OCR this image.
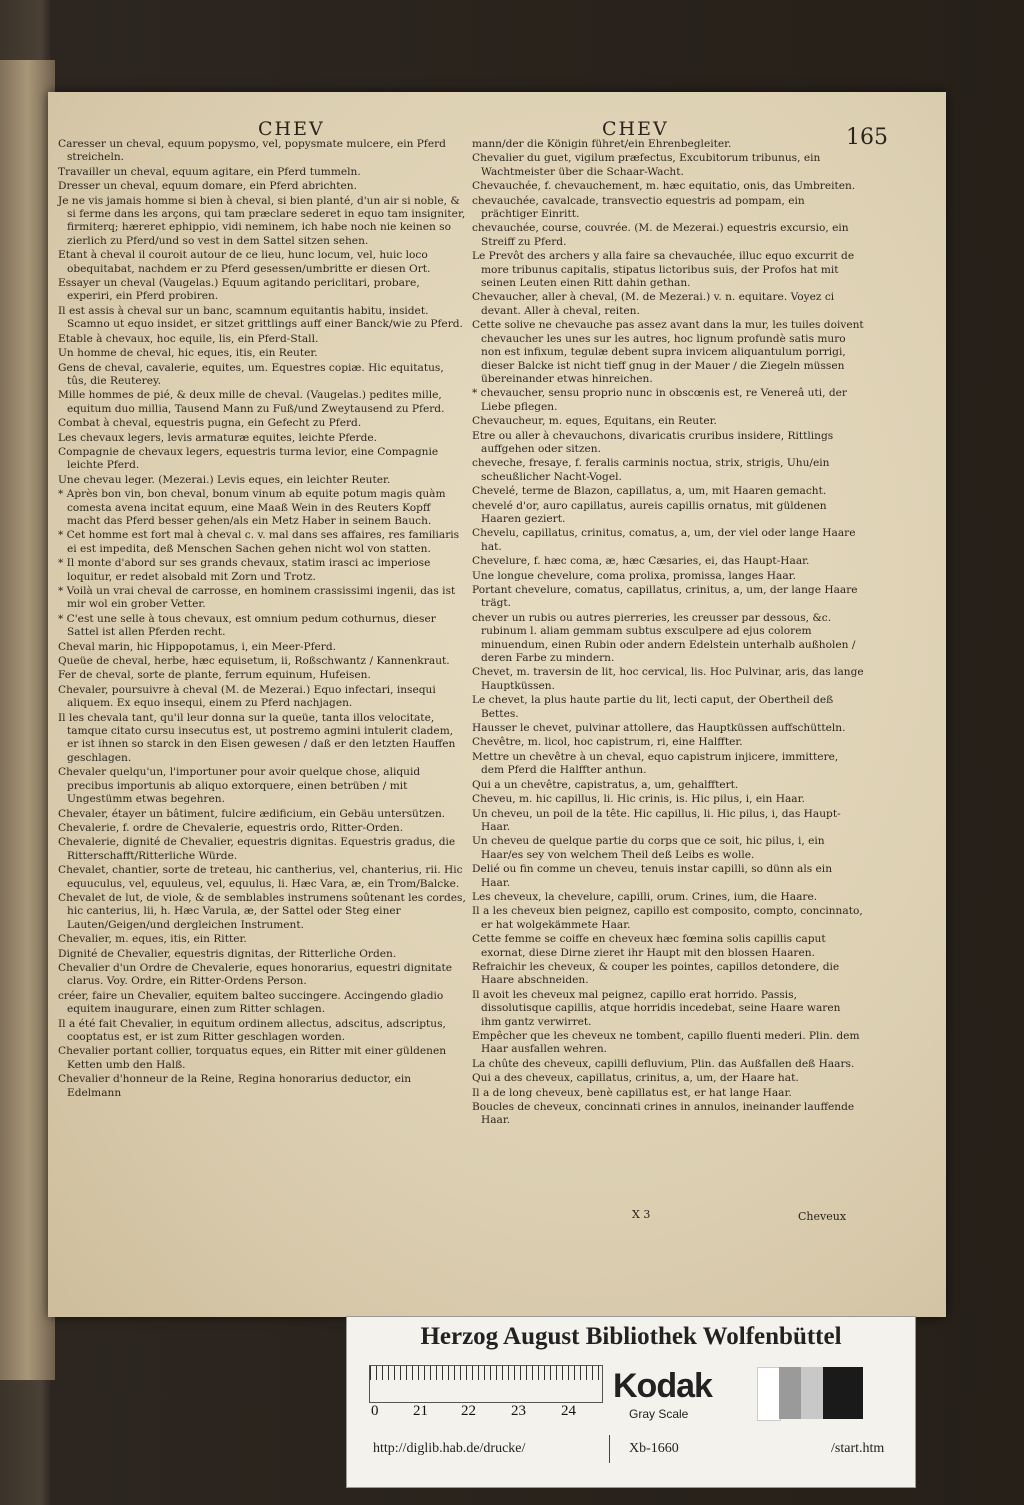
CHEV	CHEV	165

Caresser un cheval, equum popysmo, vel, popysmate mulcere, ein Pferd streicheln.

Travailler un cheval, equum agitare, ein Pferd tummeln.

Dresser un cheval, equum domare, ein Pferd abrichten.

Je ne vis jamais homme si bien à cheval, si bien planté, d'un air si noble, & si ferme dans les arçons, qui tam præclare sederet in equo tam insigniter, firmiterq; hæreret ephippio, vidi neminem, ich habe noch nie keinen so zierlich zu Pferd/und so vest in dem Sattel sitzen sehen.

Etant à cheval il couroit autour de ce lieu, hunc locum, vel, huic loco obequitabat, nachdem er zu Pferd gesessen/umbritte er diesen Ort.

Essayer un cheval (Vaugelas.) Equum agitando periclitari, probare, experiri, ein Pferd probiren.

Il est assis à cheval sur un banc, scamnum equitantis habitu, insidet. Scamno ut equo insidet, er sitzet grittlings auff einer Banck/wie zu Pferd.

Etable à chevaux, hoc equile, lis, ein Pferd-Stall.

Un homme de cheval, hic eques, itis, ein Reuter.

Gens de cheval, cavalerie, equites, um. Equestres copiæ. Hic equitatus, tûs, die Reuterey.

Mille hommes de pié, & deux mille de cheval. (Vaugelas.) pedites mille, equitum duo millia, Tausend Mann zu Fuß/und Zweytausend zu Pferd.

Combat à cheval, equestris pugna, ein Gefecht zu Pferd.

Les chevaux legers, levis armaturæ equites, leichte Pferde.

Compagnie de chevaux legers, equestris turma levior, eine Compagnie leichte Pferd.

Une chevau leger. (Mezerai.) Levis eques, ein leichter Reuter.

* Après bon vin, bon cheval, bonum vinum ab equite potum magis quàm comesta avena incitat equum, eine Maaß Wein in des Reuters Kopff macht das Pferd besser gehen/als ein Metz Haber in seinem Bauch.

* Cet homme est fort mal à cheval c. v. mal dans ses affaires, res familiaris ei est impedita, deß Menschen Sachen gehen nicht wol von statten.

* Il monte d'abord sur ses grands chevaux, statim irasci ac imperiose loquitur, er redet alsobald mit Zorn und Trotz.

* Voilà un vrai cheval de carrosse, en hominem crassissimi ingenii, das ist mir wol ein grober Vetter.

* C'est une selle à tous chevaux, est omnium pedum cothurnus, dieser Sattel ist allen Pferden recht.

Cheval marin, hic Hippopotamus, i, ein Meer-Pferd.

Queüe de cheval, herbe, hæc equisetum, ii, Roßschwantz / Kannenkraut.

Fer de cheval, sorte de plante, ferrum equinum, Hufeisen.

Chevaler, poursuivre à cheval (M. de Mezerai.) Equo infectari, insequi aliquem. Ex equo insequi, einem zu Pferd nachjagen.

Il les chevala tant, qu'il leur donna sur la queüe, tanta illos velocitate, tamque citato cursu insecutus est, ut postremo agmini intulerit cladem, er ist ihnen so starck in den Eisen gewesen / daß er den letzten Hauffen geschlagen.

Chevaler quelqu'un, l'importuner pour avoir quelque chose, aliquid precibus importunis ab aliquo extorquere, einen betrüben / mit Ungestümm etwas begehren.

Chevaler, étayer un bâtiment, fulcire ædificium, ein Gebäu untersützen.

Chevalerie, f. ordre de Chevalerie, equestris ordo, Ritter-Orden.

Chevalerie, dignité de Chevalier, equestris dignitas. Equestris gradus, die Ritterschafft/Ritterliche Würde.

Chevalet, chantier, sorte de treteau, hic cantherius, vel, chanterius, rii. Hic equuculus, vel, equuleus, vel, equulus, li. Hæc Vara, æ, ein Trom/Balcke.

Chevalet de lut, de viole, & de semblables instrumens soûtenant les cordes, hic canterius, lii, h. Hæc Varula, æ, der Sattel oder Steg einer Lauten/Geigen/und dergleichen Instrument.

Chevalier, m. eques, itis, ein Ritter.

Dignité de Chevalier, equestris dignitas, der Ritterliche Orden.

Chevalier d'un Ordre de Chevalerie, eques honorarius, equestri dignitate clarus. Voy. Ordre, ein Ritter-Ordens Person.

créer, faire un Chevalier, equitem balteo succingere. Accingendo gladio equitem inaugurare, einen zum Ritter schlagen.

Il a été fait Chevalier, in equitum ordinem allectus, adscitus, adscriptus, cooptatus est, er ist zum Ritter geschlagen worden.

Chevalier portant collier, torquatus eques, ein Ritter mit einer güldenen Ketten umb den Halß.

Chevalier d'honneur de la Reine, Regina honorarius deductor, ein Edelmann

mann/der die Königin führet/ein Ehrenbegleiter.

Chevalier du guet, vigilum præfectus, Excubitorum tribunus, ein Wachtmeister über die Schaar-Wacht.

Chevauchée, f. chevauchement, m. hæc equitatio, onis, das Umbreiten.

chevauchée, cavalcade, transvectio equestris ad pompam, ein prächtiger Einritt.

chevauchée, course, couvrée. (M. de Mezerai.) equestris excursio, ein Streiff zu Pferd.

Le Prevôt des archers y alla faire sa chevauchée, illuc equo excurrit de more tribunus capitalis, stipatus lictoribus suis, der Profos hat mit seinen Leuten einen Ritt dahin gethan.

Chevaucher, aller à cheval, (M. de Mezerai.) v. n. equitare. Voyez ci devant. Aller à cheval, reiten.

Cette solive ne chevauche pas assez avant dans la mur, les tuiles doivent chevaucher les unes sur les autres, hoc lignum profundè satis muro non est infixum, tegulæ debent supra invicem aliquantulum porrigi, dieser Balcke ist nicht tieff gnug in der Mauer / die Ziegeln müssen übereinander etwas hinreichen.

* chevaucher, sensu proprio nunc in obscœnis est, re Venereâ uti, der Liebe pflegen.

Chevaucheur, m. eques, Equitans, ein Reuter.

Etre ou aller à chevauchons, divaricatis cruribus insidere, Rittlings auffgehen oder sitzen.

cheveche, fresaye, f. feralis carminis noctua, strix, strigis, Uhu/ein scheußlicher Nacht-Vogel.

Chevelé, terme de Blazon, capillatus, a, um, mit Haaren gemacht.

chevelé d'or, auro capillatus, aureis capillis ornatus, mit güldenen Haaren geziert.

Chevelu, capillatus, crinitus, comatus, a, um, der viel oder lange Haare hat.

Chevelure, f. hæc coma, æ, hæc Cæsaries, ei, das Haupt-Haar.

Une longue chevelure, coma prolixa, promissa, langes Haar.

Portant chevelure, comatus, capillatus, crinitus, a, um, der lange Haare trägt.

chever un rubis ou autres pierreries, les creusser par dessous, &c. rubinum l. aliam gemmam subtus exsculpere ad ejus colorem minuendum, einen Rubin oder andern Edelstein unterhalb außholen / deren Farbe zu mindern.

Chevet, m. traversin de lit, hoc cervical, lis. Hoc Pulvinar, aris, das lange Hauptküssen.

Le chevet, la plus haute partie du lit, lecti caput, der Obertheil deß Bettes.

Hausser le chevet, pulvinar attollere, das Hauptküssen auffschütteln.

Chevêtre, m. licol, hoc capistrum, ri, eine Halffter.

Mettre un chevêtre à un cheval, equo capistrum injicere, immittere, dem Pferd die Halffter anthun.

Qui a un chevêtre, capistratus, a, um, gehalfftert.

Cheveu, m. hic capillus, li. Hic crinis, is. Hic pilus, i, ein Haar.

Un cheveu, un poil de la tête. Hic capillus, li. Hic pilus, i, das Haupt-Haar.

Un cheveu de quelque partie du corps que ce soit, hic pilus, i, ein Haar/es sey von welchem Theil deß Leibs es wolle.

Delié ou fin comme un cheveu, tenuis instar capilli, so dünn als ein Haar.

Les cheveux, la chevelure, capilli, orum. Crines, ium, die Haare.

Il a les cheveux bien peignez, capillo est composito, compto, concinnato, er hat wolgekämmete Haar.

Cette femme se coiffe en cheveux hæc fœmina solis capillis caput exornat, diese Dirne zieret ihr Haupt mit den blossen Haaren.

Refraichir les cheveux, & couper les pointes, capillos detondere, die Haare abschneiden.

Il avoit les cheveux mal peignez, capillo erat horrido. Passis, dissolutisque capillis, atque horridis incedebat, seine Haare waren ihm gantz verwirret.

Empêcher que les cheveux ne tombent, capillo fluenti mederi. Plin. dem Haar ausfallen wehren.

La chûte des cheveux, capilli defluvium, Plin. das Außfallen deß Haars.

Qui a des cheveux, capillatus, crinitus, a, um, der Haare hat.

Il a de long cheveux, benè capillatus est, er hat lange Haar.

Boucles de cheveux, concinnati crines in annulos, ineinander lauffende Haar.

X 3	Cheveux
Herzog August Bibliothek Wolfenbüttel
0 21 22 23 24
Kodak
Gray Scale
http://diglib.hab.de/drucke/	Xb-1660	/start.htm
